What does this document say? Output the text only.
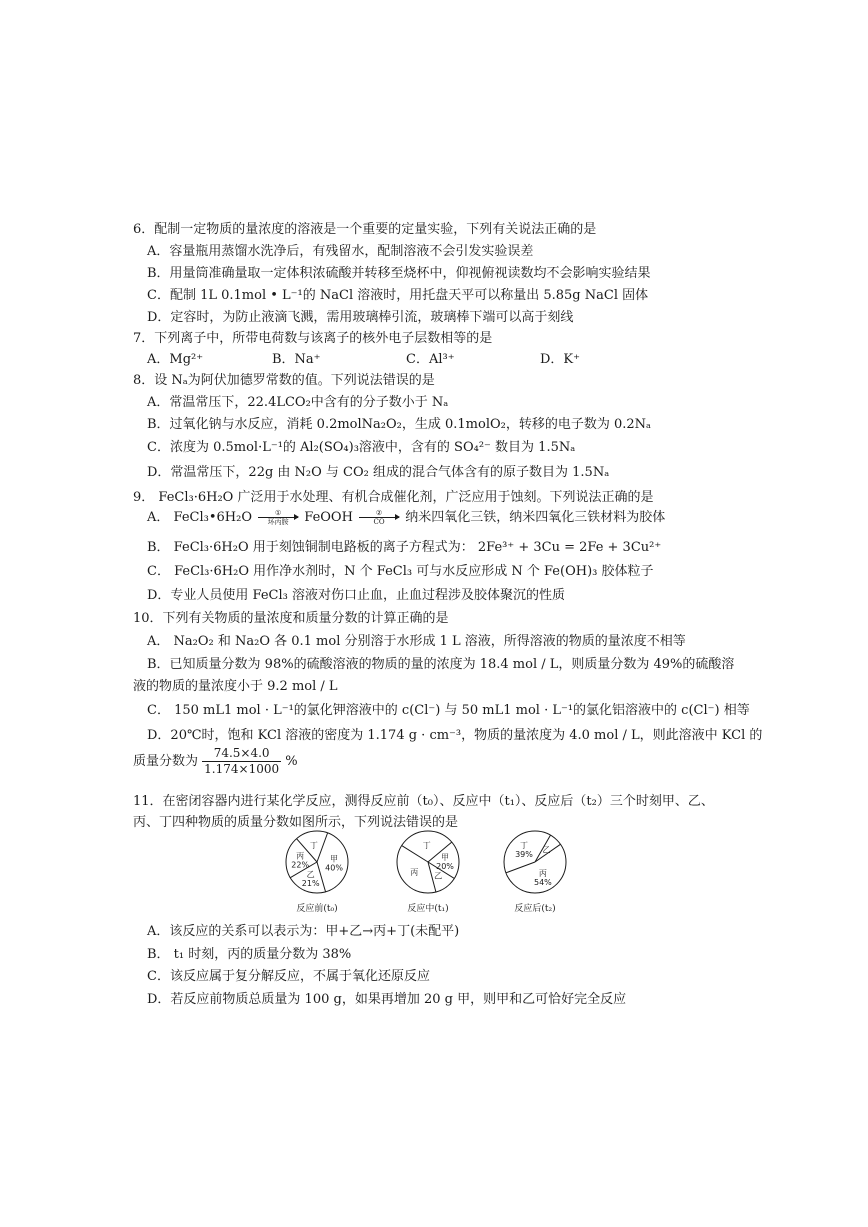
6．配制一定物质的量浓度的溶液是一个重要的定量实验，下列有关说法正确的是
A．容量瓶用蒸馏水洗净后，有残留水，配制溶液不会引发实验误差
B．用量筒准确量取一定体积浓硫酸并转移至烧杯中，仰视俯视读数均不会影响实验结果
C．配制 1L 0.1mol • L⁻¹的 NaCl 溶液时，用托盘天平可以称量出 5.85g NaCl 固体
D．定容时，为防止液滴飞溅，需用玻璃棒引流，玻璃棒下端可以高于刻线
7．下列离子中，所带电荷数与该离子的核外电子层数相等的是
A．Mg²⁺	B．Na⁺	C．Al³⁺	D．K⁺
8．设 Nₐ为阿伏加德罗常数的值。下列说法错误的是
A．常温常压下，22.4LCO₂中含有的分子数小于 Nₐ
B．过氧化钠与水反应，消耗 0.2molNa₂O₂，生成 0.1molO₂，转移的电子数为 0.2Nₐ
C．浓度为 0.5mol·L⁻¹的 Al₂(SO₄)₃溶液中，含有的 SO₄²⁻ 数目为 1.5Nₐ
D．常温常压下，22g 由 N₂O 与 CO₂ 组成的混合气体含有的原子数目为 1.5Nₐ
9． FeCl₃·6H₂O 广泛用于水处理、有机合成催化剂，广泛应用于蚀刻。下列说法正确的是
A． FeCl₃•6H₂O	①
环丙胺 FeOOH	②
CO 纳米四氧化三铁，纳米四氧化三铁材料为胶体
B． FeCl₃·6H₂O 用于刻蚀铜制电路板的离子方程式为： 2Fe³⁺ + 3Cu = 2Fe + 3Cu²⁺
C． FeCl₃·6H₂O 用作净水剂时，N 个 FeCl₃ 可与水反应形成 N 个 Fe(OH)₃ 胶体粒子
D．专业人员使用 FeCl₃ 溶液对伤口止血，止血过程涉及胶体聚沉的性质
10．下列有关物质的量浓度和质量分数的计算正确的是
A． Na₂O₂ 和 Na₂O 各 0.1 mol 分别溶于水形成 1 L 溶液，所得溶液的物质的量浓度不相等
B．已知质量分数为 98%的硫酸溶液的物质的量的浓度为 18.4 mol / L，则质量分数为 49%的硫酸溶
液的物质的量浓度小于 9.2 mol / L
C． 150 mL1 mol · L⁻¹的氯化钾溶液中的 c(Cl⁻) 与 50 mL1 mol · L⁻¹的氯化铝溶液中的 c(Cl⁻) 相等
D．20℃时，饱和 KCl 溶液的密度为 1.174 g · cm⁻³，物质的量浓度为 4.0 mol / L，则此溶液中 KCl 的
质量分数为 $\frac{74.5\times 4.0}{1.174\times 1000}$ %
11．在密闭容器内进行某化学反应，测得反应前（t₀）、反应中（t₁）、反应后（t₂）三个时刻甲、乙、
丙、丁四种物质的质量分数如图所示，下列说法错误的是
甲
40%
乙
21%
丙
22%
丁
反应前(t₀)
甲
20%
乙
丙
丁
反应中(t₁)
乙
丙
54%
丁
39%
反应后(t₂)
A．该反应的关系可以表示为：甲+乙→丙+丁(未配平)
B． t₁ 时刻，丙的质量分数为 38%
C．该反应属于复分解反应，不属于氧化还原反应
D．若反应前物质总质量为 100 g，如果再增加 20 g 甲，则甲和乙可恰好完全反应
